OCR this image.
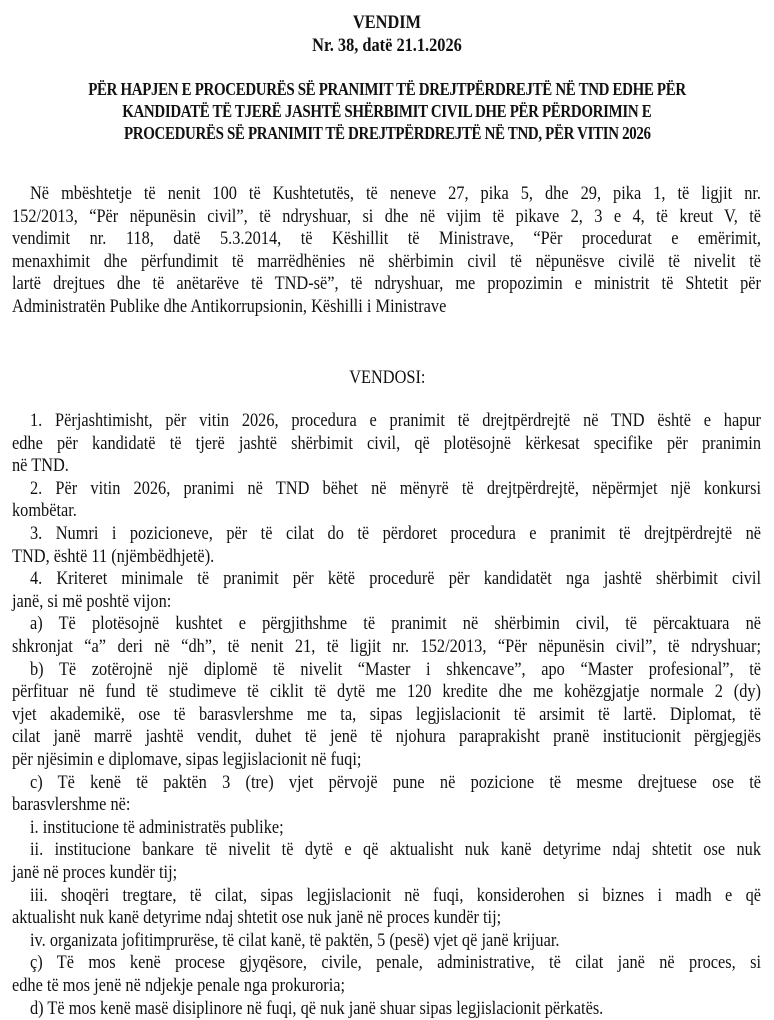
VENDIM
Nr. 38, datë 21.1.2026
PËR HAPJEN E PROCEDURËS SË PRANIMIT TË DREJTPËRDREJTË NË TND EDHE PËR
KANDIDATË TË TJERË JASHTË SHËRBIMIT CIVIL DHE PËR PËRDORIMIN E
PROCEDURËS SË PRANIMIT TË DREJTPËRDREJTË NË TND, PËR VITIN 2026
Në mbështetje të nenit 100 të Kushtetutës, të neneve 27, pika 5, dhe 29, pika 1, të ligjit nr.
152/2013, “Për nëpunësin civil”, të ndryshuar, si dhe në vijim të pikave 2, 3 e 4, të kreut V, të
vendimit nr. 118, datë 5.3.2014, të Këshillit të Ministrave, “Për procedurat e emërimit,
menaxhimit dhe përfundimit të marrëdhënies në shërbimin civil të nëpunësve civilë të nivelit të
lartë drejtues dhe të anëtarëve të TND-së”, të ndryshuar, me propozimin e ministrit të Shtetit për
Administratën Publike dhe Antikorrupsionin, Këshilli i Ministrave
VENDOSI:
1. Përjashtimisht, për vitin 2026, procedura e pranimit të drejtpërdrejtë në TND është e hapur
edhe për kandidatë të tjerë jashtë shërbimit civil, që plotësojnë kërkesat specifike për pranimin
në TND.
2. Për vitin 2026, pranimi në TND bëhet në mënyrë të drejtpërdrejtë, nëpërmjet një konkursi
kombëtar.
3. Numri i pozicioneve, për të cilat do të përdoret procedura e pranimit të drejtpërdrejtë në
TND, është 11 (njëmbëdhjetë).
4. Kriteret minimale të pranimit për këtë procedurë për kandidatët nga jashtë shërbimit civil
janë, si më poshtë vijon:
a) Të plotësojnë kushtet e përgjithshme të pranimit në shërbimin civil, të përcaktuara në
shkronjat “a” deri në “dh”, të nenit 21, të ligjit nr. 152/2013, “Për nëpunësin civil”, të ndryshuar;
b) Të zotërojnë një diplomë të nivelit “Master i shkencave”, apo “Master profesional”, të
përfituar në fund të studimeve të ciklit të dytë me 120 kredite dhe me kohëzgjatje normale 2 (dy)
vjet akademikë, ose të barasvlershme me ta, sipas legjislacionit të arsimit të lartë. Diplomat, të
cilat janë marrë jashtë vendit, duhet të jenë të njohura paraprakisht pranë institucionit përgjegjës
për njësimin e diplomave, sipas legjislacionit në fuqi;
c) Të kenë të paktën 3 (tre) vjet përvojë pune në pozicione të mesme drejtuese ose të
barasvlershme në:
i. institucione të administratës publike;
ii. institucione bankare të nivelit të dytë e që aktualisht nuk kanë detyrime ndaj shtetit ose nuk
janë në proces kundër tij;
iii. shoqëri tregtare, të cilat, sipas legjislacionit në fuqi, konsiderohen si biznes i madh e që
aktualisht nuk kanë detyrime ndaj shtetit ose nuk janë në proces kundër tij;
iv. organizata jofitimprurëse, të cilat kanë, të paktën, 5 (pesë) vjet që janë krijuar.
ç) Të mos kenë procese gjyqësore, civile, penale, administrative, të cilat janë në proces, si
edhe të mos jenë në ndjekje penale nga prokuroria;
d) Të mos kenë masë disiplinore në fuqi, që nuk janë shuar sipas legjislacionit përkatës.
